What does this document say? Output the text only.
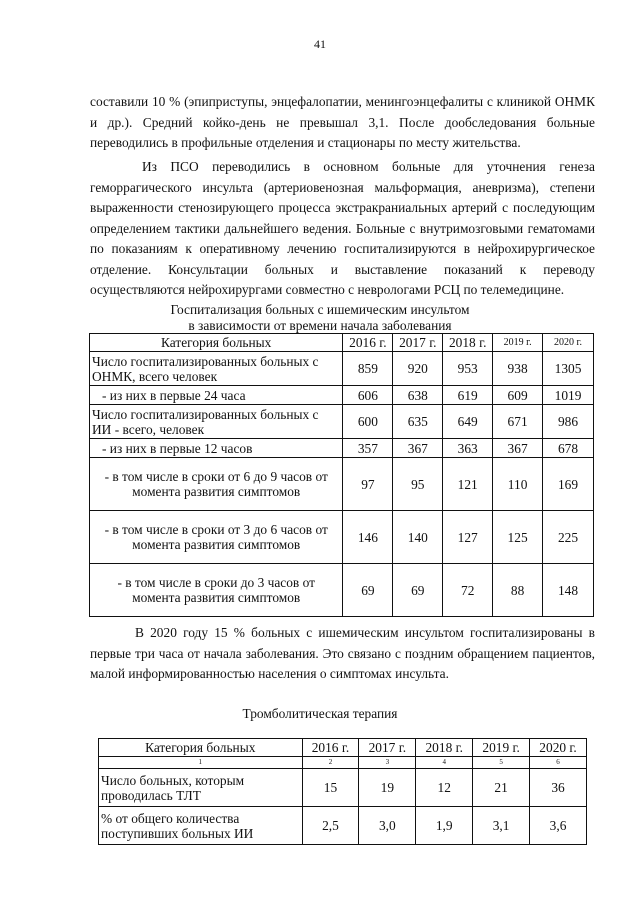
41

составили 10 % (эпиприступы, энцефалопатии, менингоэнцефалиты с клиникой ОНМК и др.). Средний койко-день не превышал 3,1. После дообследования больные переводились в профильные отделения и стационары по месту жительства.

Из ПСО переводились в основном больные для уточнения генеза геморрагического инсульта (артериовенозная мальформация, аневризма), степени выраженности стенозирующего процесса экстракраниальных артерий с последующим определением тактики дальнейшего ведения. Больные с внутримозговыми гематомами по показаниям к оперативному лечению госпитализируются в нейрохирургическое отделение. Консультации больных и выставление показаний к переводу осуществляются нейрохирургами совместно с неврологами РСЦ по телемедицине.

Госпитализация больных с ишемическим инсультом
в зависимости от времени начала заболевания
Категория больных	2016 г.	2017 г.	2018 г.	2019 г.	2020 г.
Число госпитализированных больных с ОНМК, всего человек	859	920	953	938	1305
- из них в первые 24 часа	606	638	619	609	1019
Число госпитализированных больных с ИИ - всего, человек	600	635	649	671	986
- из них в первые 12 часов	357	367	363	367	678
- в том числе в сроки от 6 до 9 часов от момента развития симптомов	97	95	121	110	169
- в том числе в сроки от 3 до 6 часов от момента развития симптомов	146	140	127	125	225
- в том числе в сроки до 3 часов от момента развития симптомов	69	69	72	88	148

В 2020 году 15 % больных с ишемическим инсультом госпитализированы в первые три часа от начала заболевания. Это связано с поздним обращением пациентов, малой информированностью населения о симптомах инсульта.

Тромболитическая терапия
Категория больных	2016 г.	2017 г.	2018 г.	2019 г.	2020 г.
1	2	3	4	5	6
Число больных, которым проводилась ТЛТ	15	19	12	21	36
% от общего количества поступивших больных ИИ	2,5	3,0	1,9	3,1	3,6
